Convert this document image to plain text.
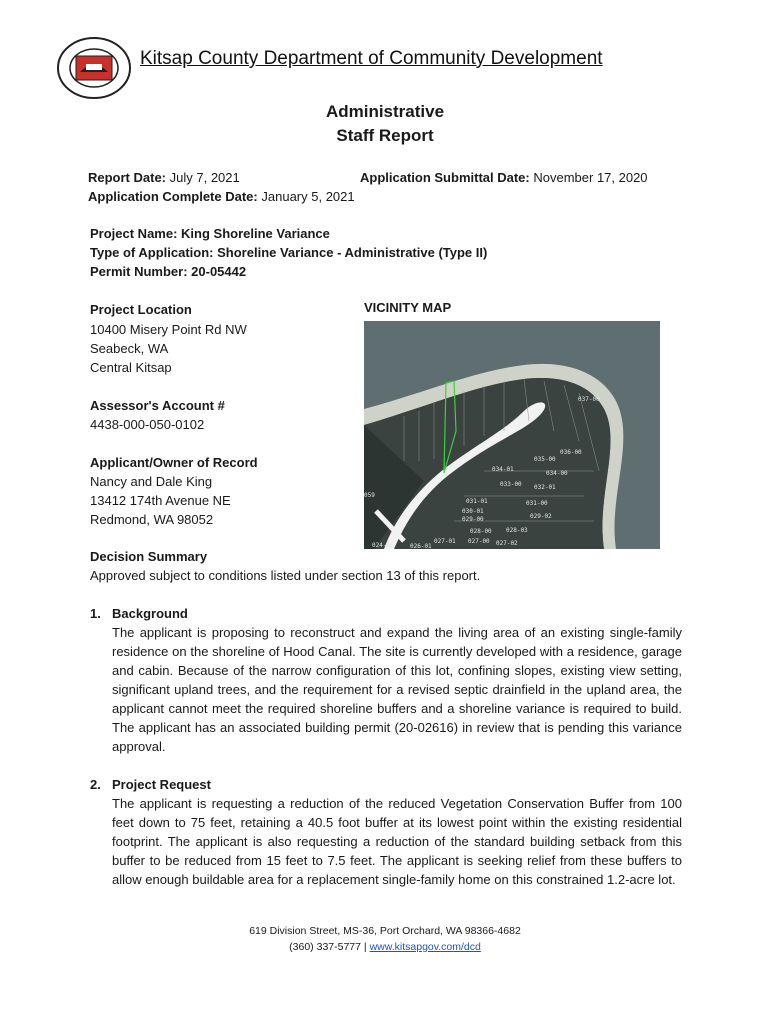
Kitsap County Department of Community Development
Administrative
Staff Report
Report Date: July 7, 2021	Application Submittal Date: November 17, 2020
Application Complete Date: January 5, 2021
Project Name: King Shoreline Variance
Type of Application: Shoreline Variance - Administrative (Type II)
Permit Number: 20-05442
Project Location
10400 Misery Point Rd NW
Seabeck, WA
Central Kitsap
Assessor's Account #
4438-000-050-0102
Applicant/Owner of Record
Nancy and Dale King
13412 174th Avenue NE
Redmond, WA 98052
VICINITY MAP
037-00
036-00
035-00
034-01
034-00
032-01
033-00
031-01	031-00
030-01
029-00	029-02
028-00 028-03
027-01 027-00 027-02
026-01
024-01
059
Decision Summary
Approved subject to conditions listed under section 13 of this report.
1. Background
The applicant is proposing to reconstruct and expand the living area of an existing single-family residence on the shoreline of Hood Canal. The site is currently developed with a residence, garage and cabin. Because of the narrow configuration of this lot, confining slopes, existing view setting, significant upland trees, and the requirement for a revised septic drainfield in the upland area, the applicant cannot meet the required shoreline buffers and a shoreline variance is required to build. The applicant has an associated building permit (20-02616) in review that is pending this variance approval.
2. Project Request
The applicant is requesting a reduction of the reduced Vegetation Conservation Buffer from 100 feet down to 75 feet, retaining a 40.5 foot buffer at its lowest point within the existing residential footprint. The applicant is also requesting a reduction of the standard building setback from this buffer to be reduced from 15 feet to 7.5 feet. The applicant is seeking relief from these buffers to allow enough buildable area for a replacement single-family home on this constrained 1.2-acre lot.
619 Division Street, MS-36, Port Orchard, WA 98366-4682
(360) 337-5777 | www.kitsapgov.com/dcd
